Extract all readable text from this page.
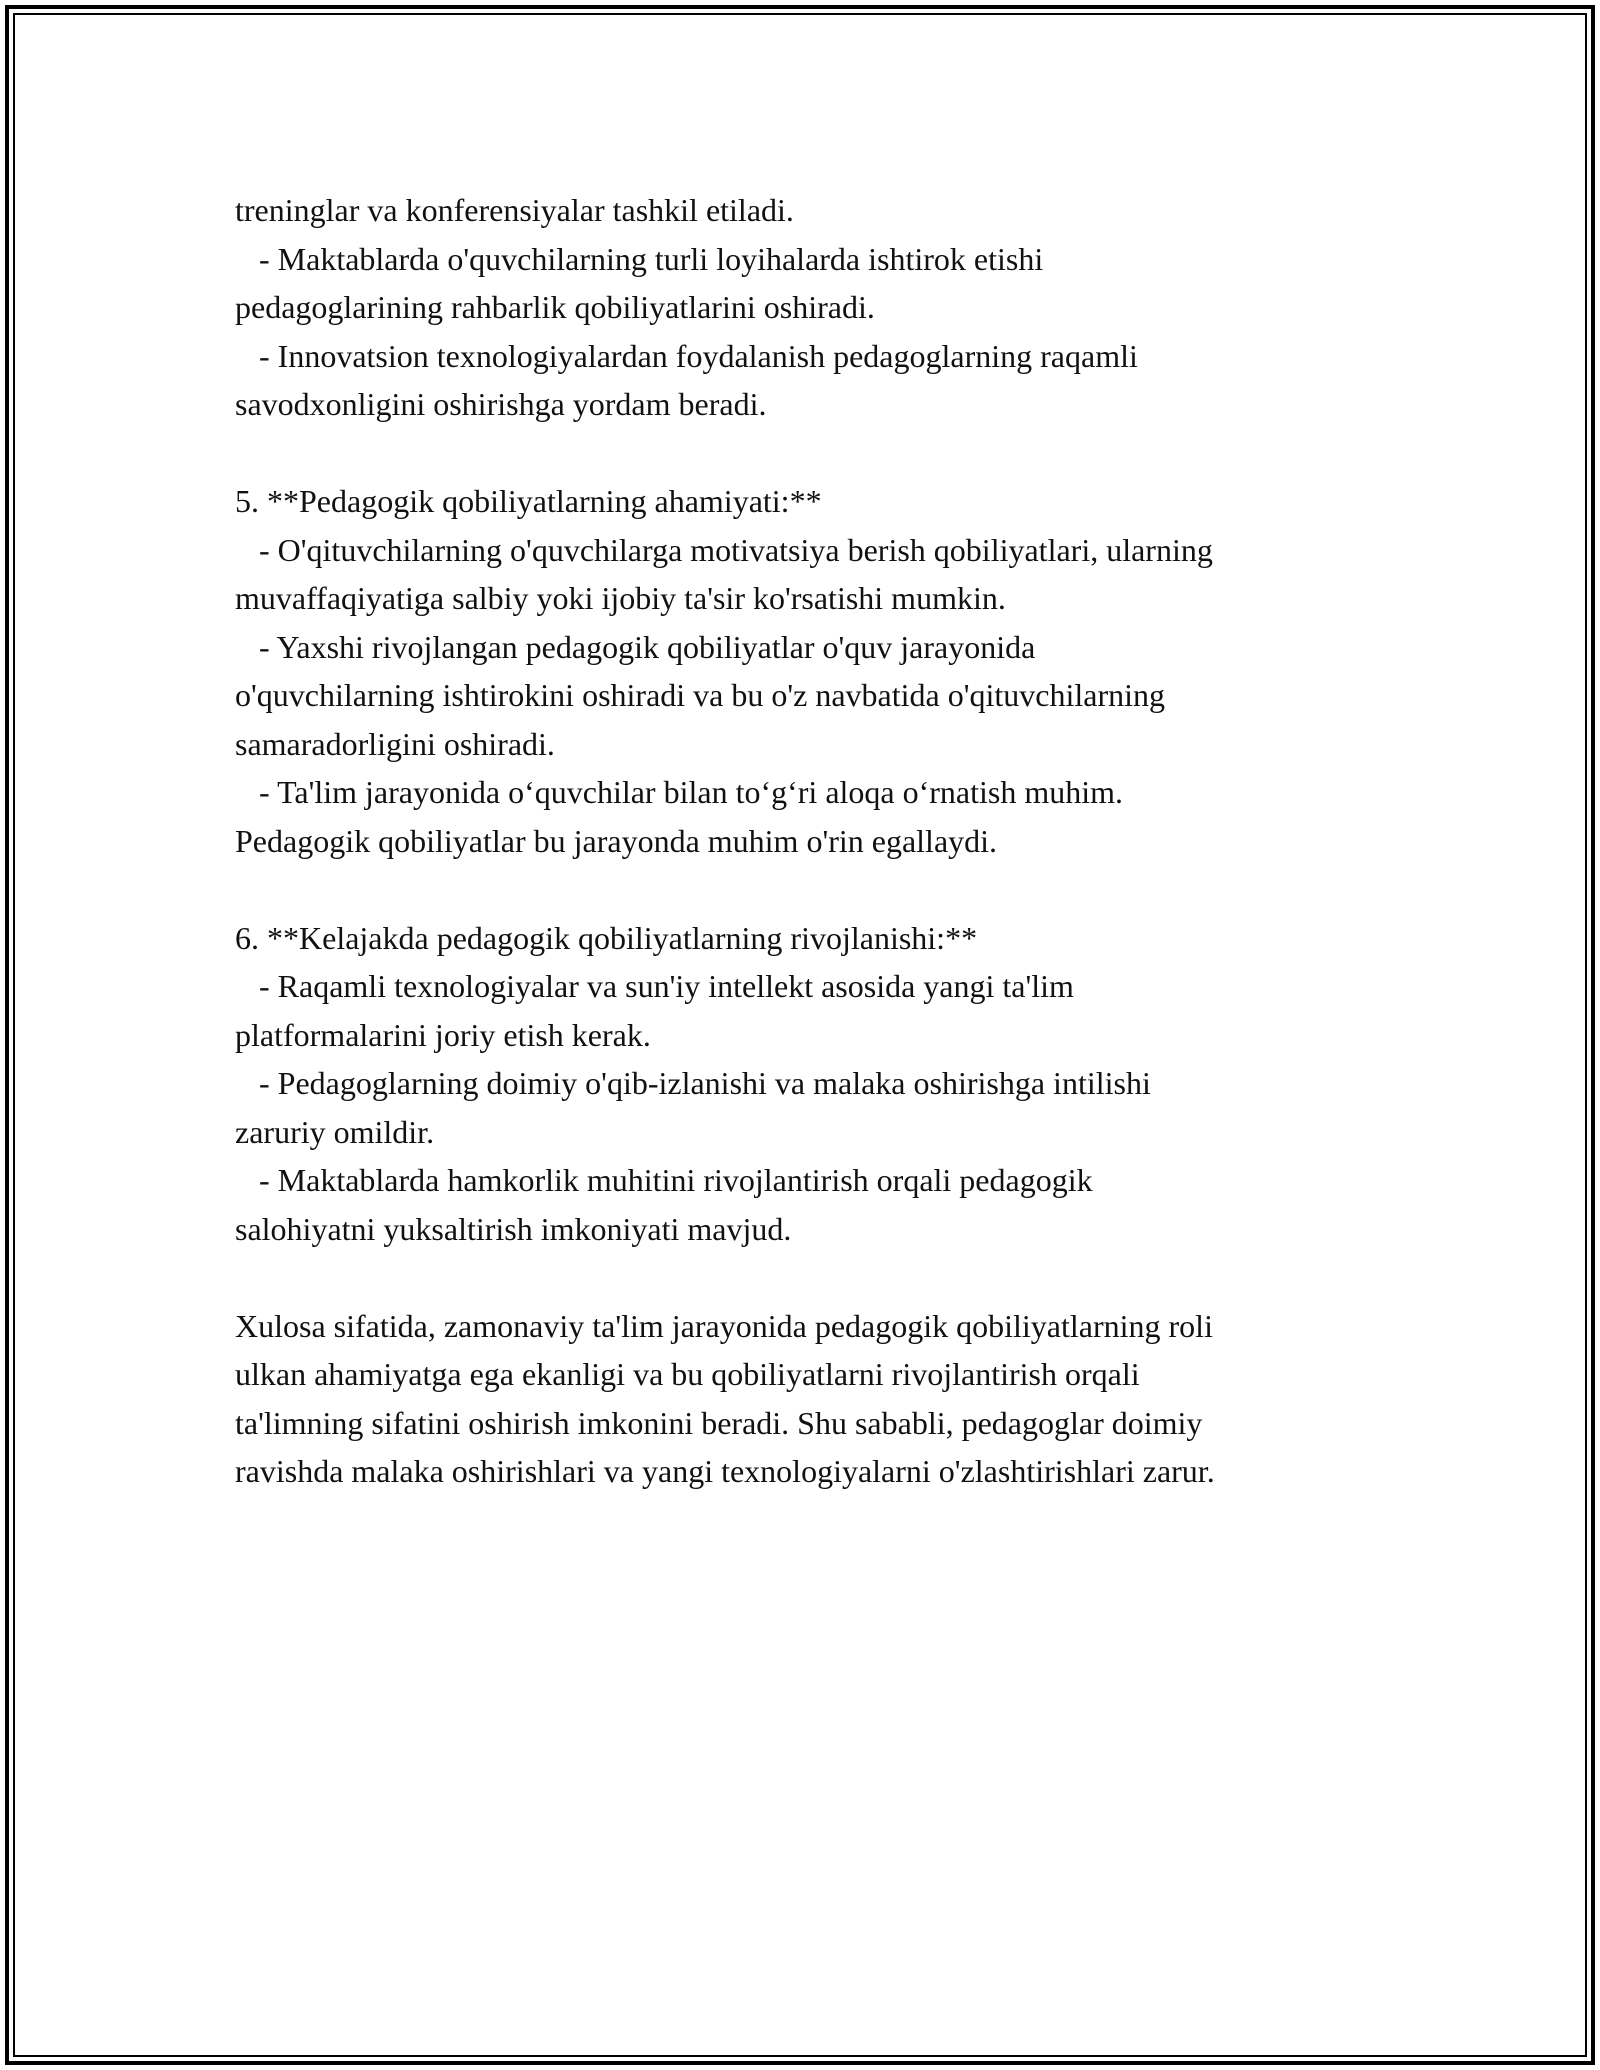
treninglar va konferensiyalar tashkil etiladi.
- Maktablarda o'quvchilarning turli loyihalarda ishtirok etishi
pedagoglarining rahbarlik qobiliyatlarini oshiradi.
- Innovatsion texnologiyalardan foydalanish pedagoglarning raqamli
savodxonligini oshirishga yordam beradi.
5. **Pedagogik qobiliyatlarning ahamiyati:**
- O'qituvchilarning o'quvchilarga motivatsiya berish qobiliyatlari, ularning
muvaffaqiyatiga salbiy yoki ijobiy ta'sir ko'rsatishi mumkin.
- Yaxshi rivojlangan pedagogik qobiliyatlar o'quv jarayonida
o'quvchilarning ishtirokini oshiradi va bu o'z navbatida o'qituvchilarning
samaradorligini oshiradi.
- Ta'lim jarayonida o‘quvchilar bilan to‘g‘ri aloqa o‘rnatish muhim.
Pedagogik qobiliyatlar bu jarayonda muhim o'rin egallaydi.
6. **Kelajakda pedagogik qobiliyatlarning rivojlanishi:**
- Raqamli texnologiyalar va sun'iy intellekt asosida yangi ta'lim
platformalarini joriy etish kerak.
- Pedagoglarning doimiy o'qib-izlanishi va malaka oshirishga intilishi
zaruriy omildir.
- Maktablarda hamkorlik muhitini rivojlantirish orqali pedagogik
salohiyatni yuksaltirish imkoniyati mavjud.
Xulosa sifatida, zamonaviy ta'lim jarayonida pedagogik qobiliyatlarning roli
ulkan ahamiyatga ega ekanligi va bu qobiliyatlarni rivojlantirish orqali
ta'limning sifatini oshirish imkonini beradi. Shu sababli, pedagoglar doimiy
ravishda malaka oshirishlari va yangi texnologiyalarni o'zlashtirishlari zarur.
